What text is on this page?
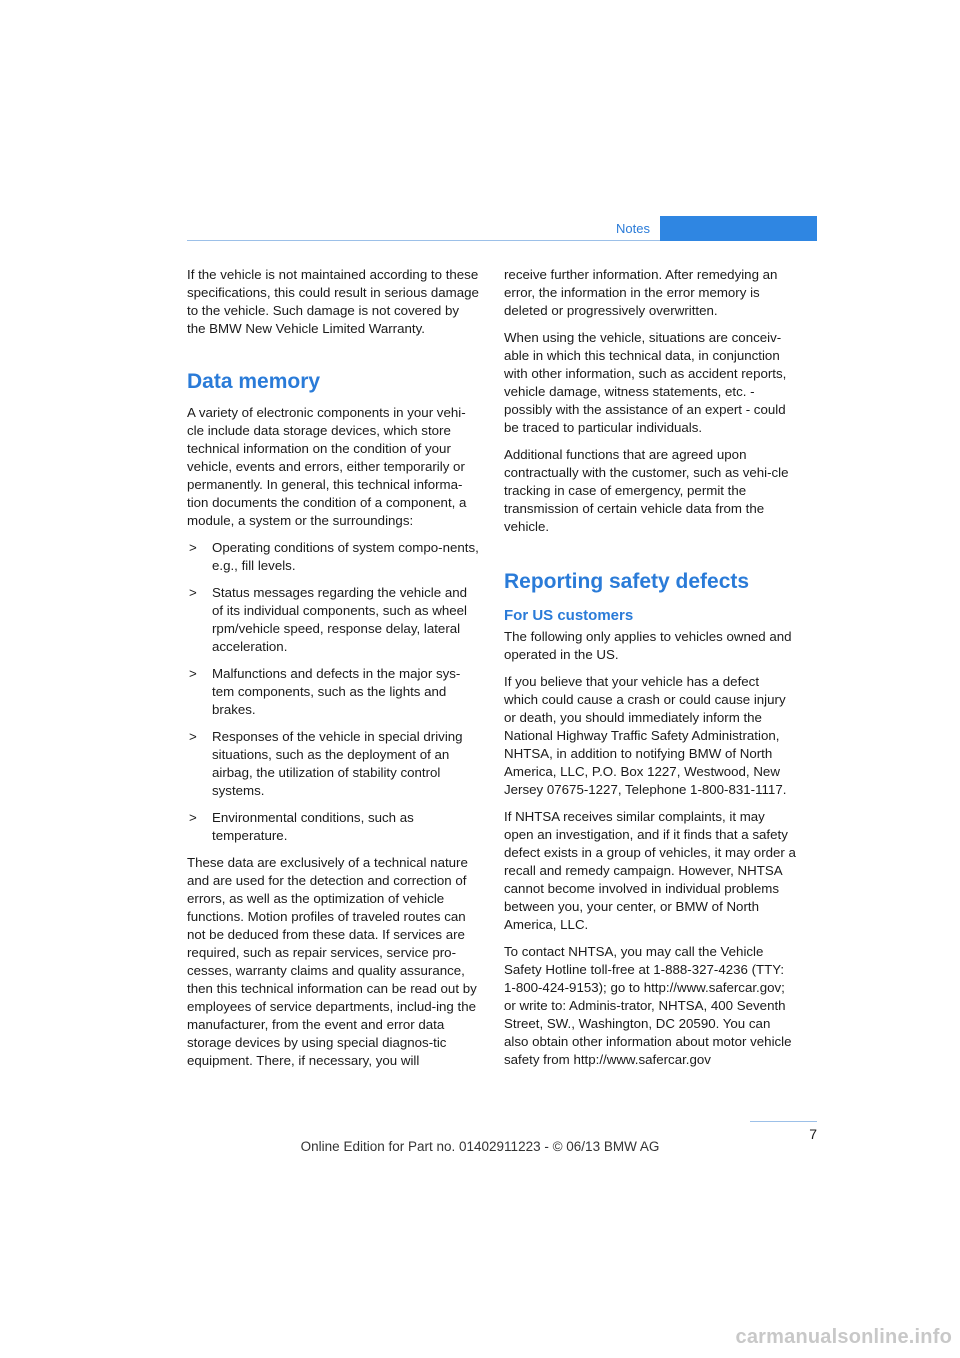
Notes

If the vehicle is not maintained according to these specifications, this could result in serious damage to the vehicle. Such damage is not covered by the BMW New Vehicle Limited Warranty.

Data memory

A variety of electronic components in your vehi-cle include data storage devices, which store technical information on the condition of your vehicle, events and errors, either temporarily or permanently. In general, this technical informa-tion documents the condition of a component, a module, a system or the surroundings:

> Operating conditions of system compo-nents, e.g., fill levels.
> Status messages regarding the vehicle and of its individual components, such as wheel rpm/vehicle speed, response delay, lateral acceleration.
> Malfunctions and defects in the major sys-tem components, such as the lights and brakes.
> Responses of the vehicle in special driving situations, such as the deployment of an airbag, the utilization of stability control systems.
> Environmental conditions, such as temperature.

These data are exclusively of a technical nature and are used for the detection and correction of errors, as well as the optimization of vehicle functions. Motion profiles of traveled routes can not be deduced from these data. If services are required, such as repair services, service pro-cesses, warranty claims and quality assurance, then this technical information can be read out by employees of service departments, includ-ing the manufacturer, from the event and error data storage devices by using special diagnos-tic equipment. There, if necessary, you will

receive further information. After remedying an error, the information in the error memory is deleted or progressively overwritten.

When using the vehicle, situations are conceiv-able in which this technical data, in conjunction with other information, such as accident reports, vehicle damage, witness statements, etc. - possibly with the assistance of an expert - could be traced to particular individuals.

Additional functions that are agreed upon contractually with the customer, such as vehi-cle tracking in case of emergency, permit the transmission of certain vehicle data from the vehicle.

Reporting safety defects
For US customers

The following only applies to vehicles owned and operated in the US.

If you believe that your vehicle has a defect which could cause a crash or could cause injury or death, you should immediately inform the National Highway Traffic Safety Administration, NHTSA, in addition to notifying BMW of North America, LLC, P.O. Box 1227, Westwood, New Jersey 07675-1227, Telephone 1-800-831-1117.

If NHTSA receives similar complaints, it may open an investigation, and if it finds that a safety defect exists in a group of vehicles, it may order a recall and remedy campaign. However, NHTSA cannot become involved in individual problems between you, your center, or BMW of North America, LLC.

To contact NHTSA, you may call the Vehicle Safety Hotline toll-free at 1-888-327-4236 (TTY: 1-800-424-9153); go to http://www.safercar.gov; or write to: Adminis-trator, NHTSA, 400 Seventh Street, SW., Washington, DC 20590. You can also obtain other information about motor vehicle safety from http://www.safercar.gov

7
Online Edition for Part no. 01402911223 - © 06/13 BMW AG
carmanualsonline.info
